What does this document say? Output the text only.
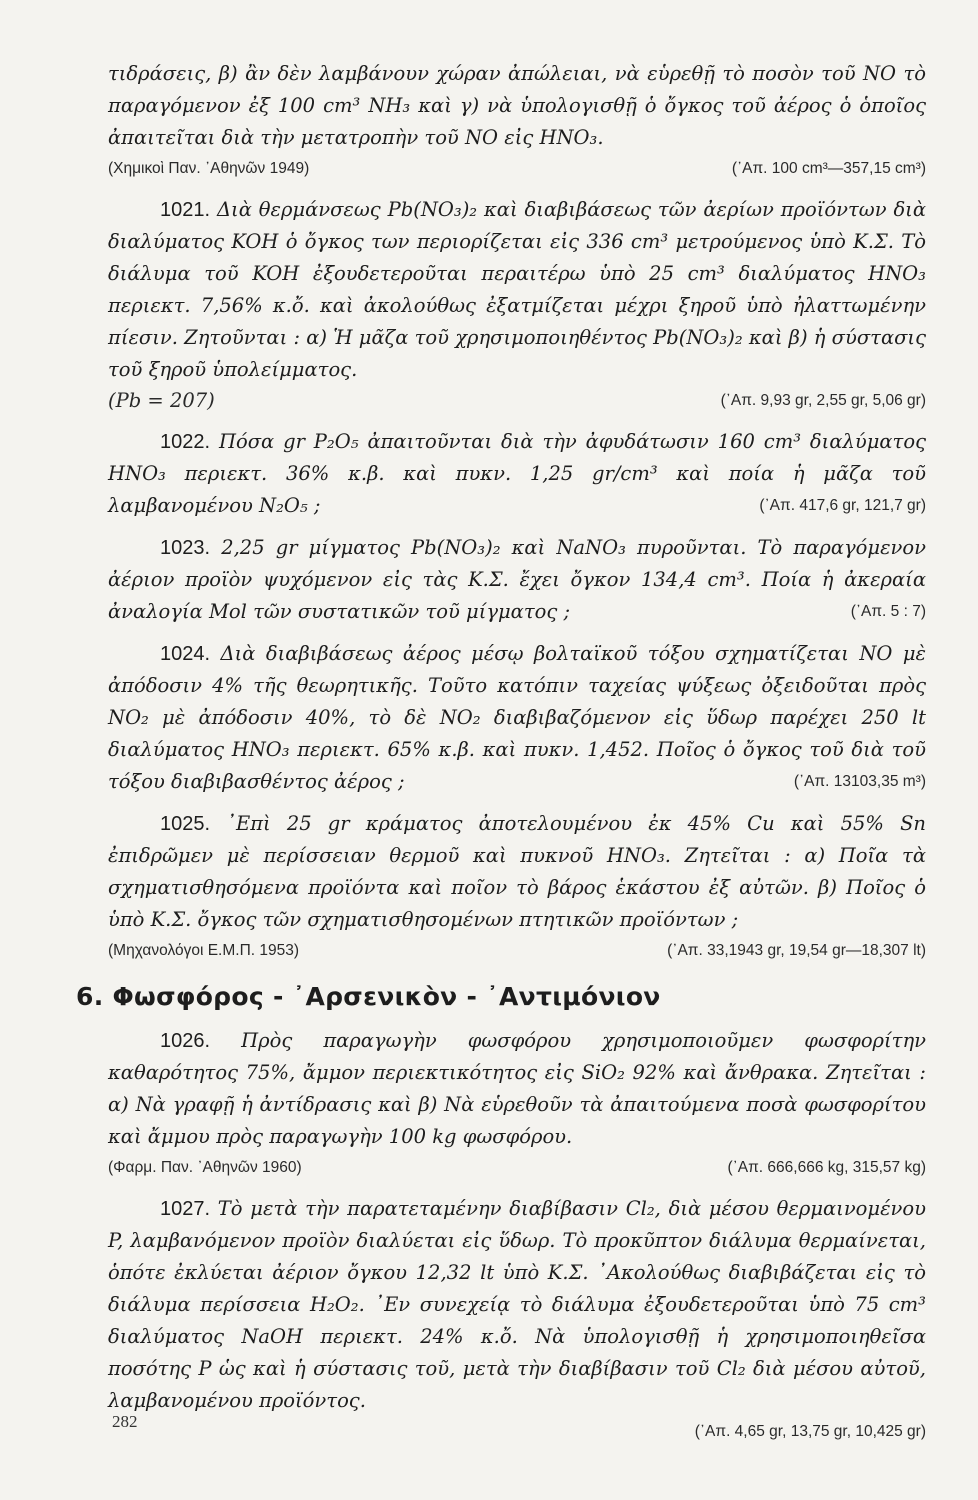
τιδράσεις, β) ἂν δὲν λαμβάνουν χώραν ἀπώλειαι, νὰ εὑρεθῇ τὸ ποσὸν τοῦ NO τὸ παραγόμενον ἐξ 100 cm³ NH₃ καὶ γ) νὰ ὑπολογισθῇ ὁ ὄγκος τοῦ ἀέρος ὁ ὁποῖος ἀπαιτεῖται διὰ τὴν μετατροπὴν τοῦ NO εἰς HNO₃.

(Χημικοὶ Παν. ᾿Αθηνῶν 1949)	(᾿Απ. 100 cm³—357,15 cm³)

1021. Διὰ θερμάνσεως Pb(NO₃)₂ καὶ διαβιβάσεως τῶν ἀερίων προϊόντων διὰ διαλύματος KOH ὁ ὄγκος των περιορίζεται εἰς 336 cm³ μετρούμενος ὑπὸ Κ.Σ. Τὸ διάλυμα τοῦ KOH ἐξουδετεροῦται περαιτέρω ὑπὸ 25 cm³ διαλύματος HNO₃ περιεκτ. 7,56% κ.ὄ. καὶ ἀκολούθως ἐξατμίζεται μέχρι ξηροῦ ὑπὸ ἠλαττωμένην πίεσιν. Ζητοῦνται : α) Ἡ μᾶζα τοῦ χρησιμοποιηθέντος Pb(NO₃)₂ καὶ β) ἡ σύστασις τοῦ ξηροῦ ὑπολείμματος.

(Pb = 207)	(᾿Απ. 9,93 gr, 2,55 gr, 5,06 gr)

1022. Πόσα gr P₂O₅ ἀπαιτοῦνται διὰ τὴν ἀφυδάτωσιν 160 cm³ διαλύματος HNO₃ περιεκτ. 36% κ.β. καὶ πυκν. 1,25 gr/cm³ καὶ ποία ἡ μᾶζα τοῦ λαμβανομένου N₂O₅ ;	(᾿Απ. 417,6 gr, 121,7 gr)

1023. 2,25 gr μίγματος Pb(NO₃)₂ καὶ NaNO₃ πυροῦνται. Τὸ παραγόμενον ἀέριον προϊὸν ψυχόμενον εἰς τὰς Κ.Σ. ἔχει ὄγκον 134,4 cm³. Ποία ἡ ἀκεραία ἀναλογία Mol τῶν συστατικῶν τοῦ μίγματος ;	(᾿Απ. 5 : 7)

1024. Διὰ διαβιβάσεως ἀέρος μέσῳ βολταϊκοῦ τόξου σχηματίζεται NO μὲ ἀπόδοσιν 4% τῆς θεωρητικῆς. Τοῦτο κατόπιν ταχείας ψύξεως ὀξειδοῦται πρὸς NO₂ μὲ ἀπόδοσιν 40%, τὸ δὲ NO₂ διαβιβαζόμενον εἰς ὕδωρ παρέχει 250 lt διαλύματος HNO₃ περιεκτ. 65% κ.β. καὶ πυκν. 1,452. Ποῖος ὁ ὄγκος τοῦ διὰ τοῦ τόξου διαβιβασθέντος ἀέρος ;	(᾿Απ. 13103,35 m³)

1025. ᾿Επὶ 25 gr κράματος ἀποτελουμένου ἐκ 45% Cu καὶ 55% Sn ἐπιδρῶμεν μὲ περίσσειαν θερμοῦ καὶ πυκνοῦ HNO₃. Ζητεῖται : α) Ποῖα τὰ σχηματισθησόμενα προϊόντα καὶ ποῖον τὸ βάρος ἑκάστου ἐξ αὐτῶν. β) Ποῖος ὁ ὑπὸ Κ.Σ. ὄγκος τῶν σχηματισθησομένων πτητικῶν προϊόντων ;

(Μηχανολόγοι Ε.Μ.Π. 1953)	(᾿Απ. 33,1943 gr, 19,54 gr—18,307 lt)
6. Φωσφόρος - ᾿Αρσενικὸν - ᾿Αντιμόνιον

1026. Πρὸς παραγωγὴν φωσφόρου χρησιμοποιοῦμεν φωσφορίτην καθαρότητος 75%, ἄμμον περιεκτικότητος εἰς SiO₂ 92% καὶ ἄνθρακα. Ζητεῖται : α) Νὰ γραφῇ ἡ ἀντίδρασις καὶ β) Νὰ εὑρεθοῦν τὰ ἀπαιτούμενα ποσὰ φωσφορίτου καὶ ἄμμου πρὸς παραγωγὴν 100 kg φωσφόρου.

(Φαρμ. Παν. ᾿Αθηνῶν 1960)	(᾿Απ. 666,666 kg, 315,57 kg)

1027. Τὸ μετὰ τὴν παρατεταμένην διαβίβασιν Cl₂, διὰ μέσου θερμαινομένου P, λαμβανόμενον προϊὸν διαλύεται εἰς ὕδωρ. Τὸ προκῦπτον διάλυμα θερμαίνεται, ὁπότε ἐκλύεται ἀέριον ὄγκου 12,32 lt ὑπὸ Κ.Σ. ᾿Ακολούθως διαβιβάζεται εἰς τὸ διάλυμα περίσσεια H₂O₂. ᾿Εν συνεχείᾳ τὸ διάλυμα ἐξουδετεροῦται ὑπὸ 75 cm³ διαλύματος NaOH περιεκτ. 24% κ.ὄ. Νὰ ὑπολογισθῇ ἡ χρησιμοποιηθεῖσα ποσότης P ὡς καὶ ἡ σύστασις τοῦ, μετὰ τὴν διαβίβασιν τοῦ Cl₂ διὰ μέσου αὐτοῦ, λαμβανομένου προϊόντος.

(᾿Απ. 4,65 gr, 13,75 gr, 10,425 gr)
282
